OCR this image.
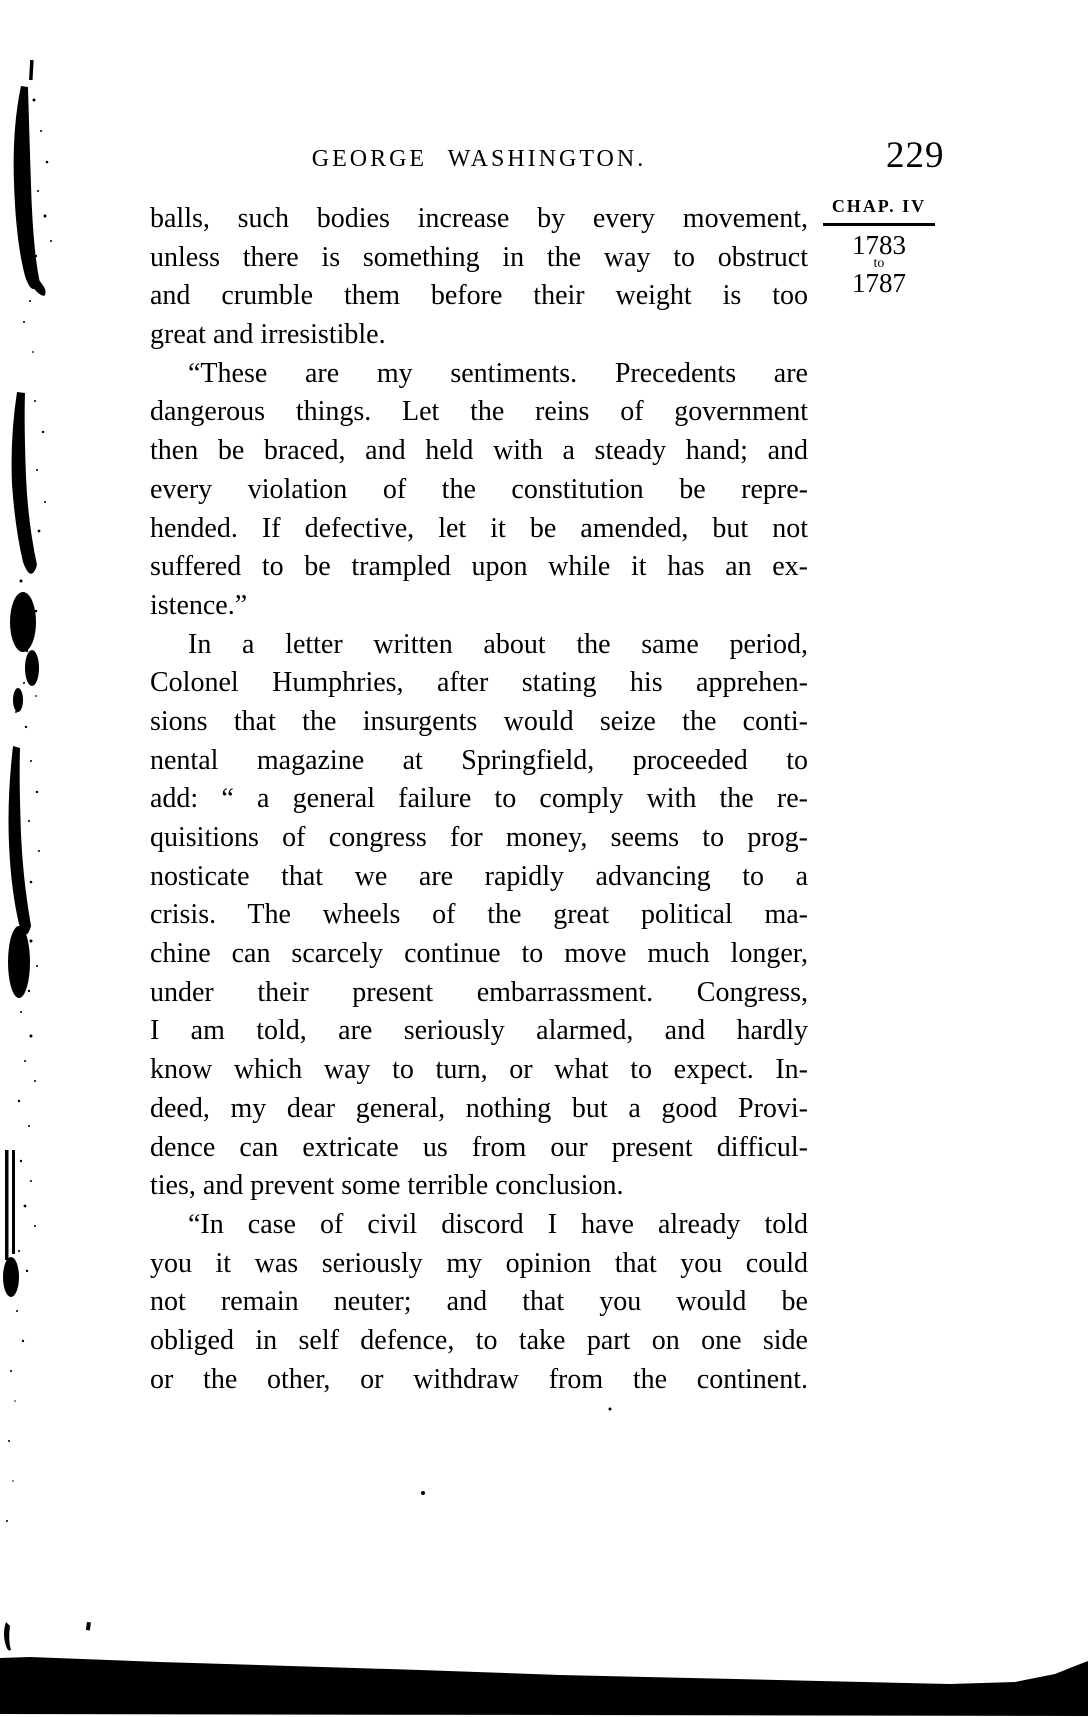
GEORGE WASHINGTON.	229
CHAP. IV
1783
to
1787
balls, such bodies increase by every movement,
unless there is something in the way to obstruct
and crumble them before their weight is too
great and irresistible.
“These are my sentiments. Precedents are
dangerous things. Let the reins of government
then be braced, and held with a steady hand; and
every violation of the constitution be repre-
hended. If defective, let it be amended, but not
suffered to be trampled upon while it has an ex-
istence.”
In a letter written about the same period,
Colonel Humphries, after stating his apprehen-
sions that the insurgents would seize the conti-
nental magazine at Springfield, proceeded to
add: “ a general failure to comply with the re-
quisitions of congress for money, seems to prog-
nosticate that we are rapidly advancing to a
crisis. The wheels of the great political ma-
chine can scarcely continue to move much longer,
under their present embarrassment. Congress,
I am told, are seriously alarmed, and hardly
know which way to turn, or what to expect. In-
deed, my dear general, nothing but a good Provi-
dence can extricate us from our present difficul-
ties, and prevent some terrible conclusion.
“In case of civil discord I have already told
you it was seriously my opinion that you could
not remain neuter; and that you would be
obliged in self defence, to take part on one side
or the other, or withdraw from the continent.
